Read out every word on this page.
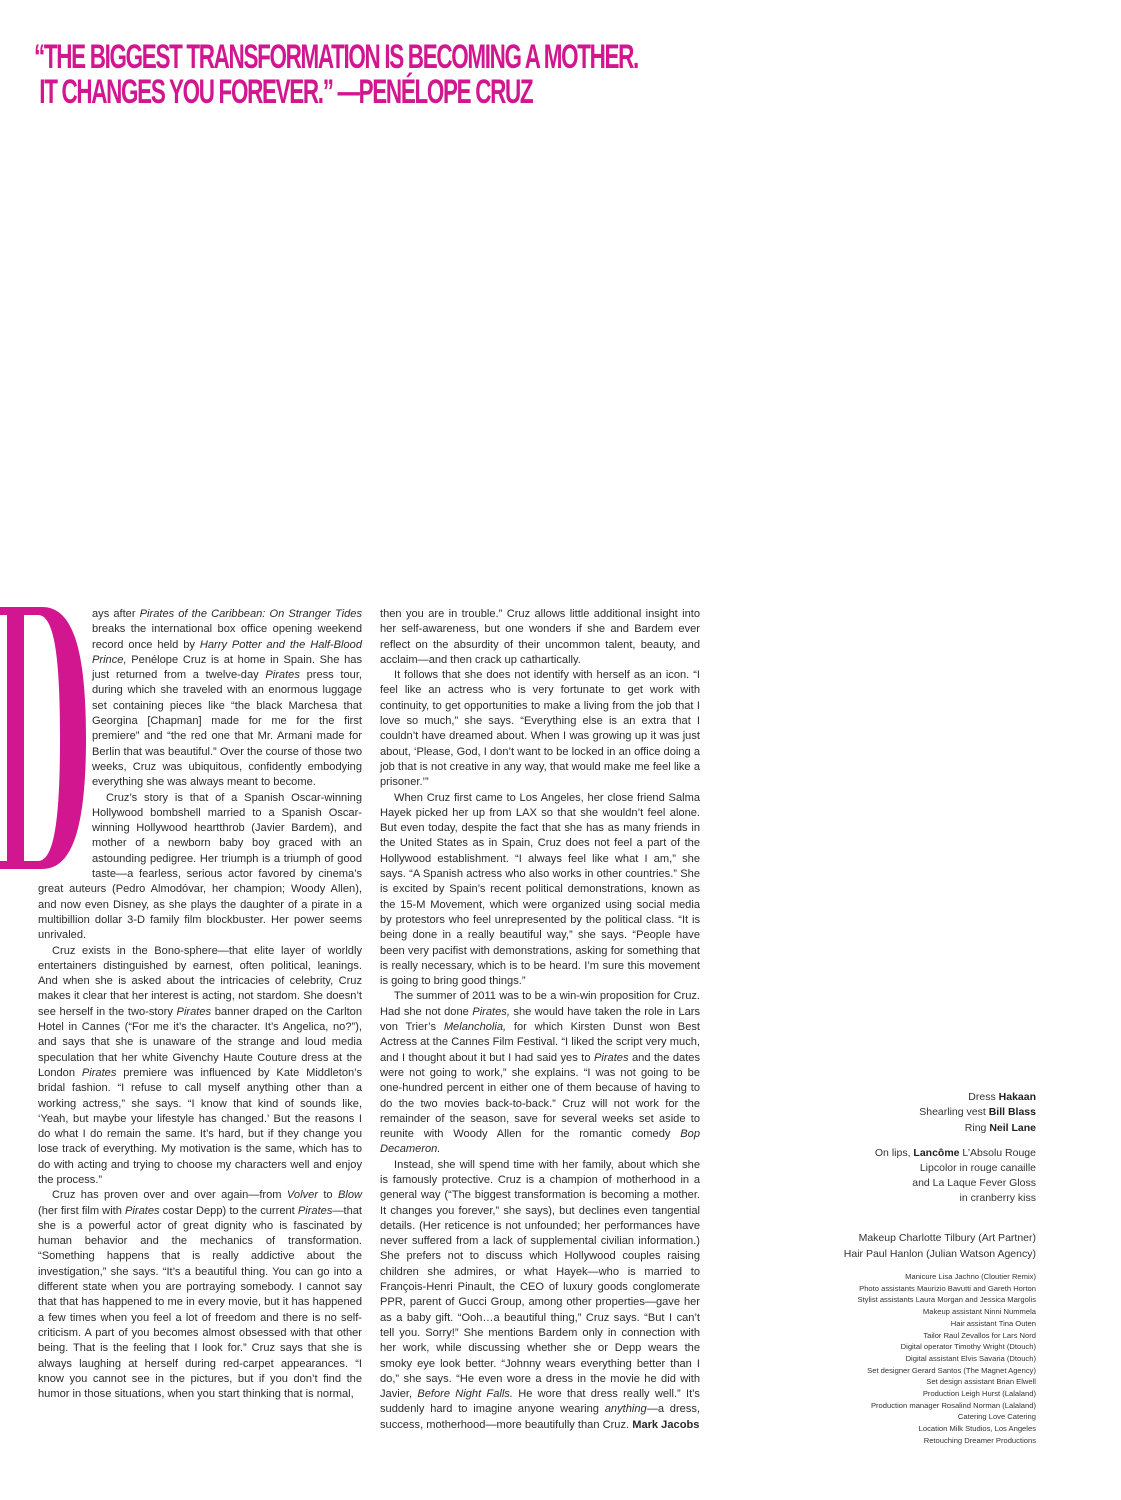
“THE BIGGEST TRANSFORMATION IS BECOMING A MOTHER.
IT CHANGES YOU FOREVER.” —PENÉLOPE CRUZ

ays after Pirates of the Caribbean: On Stranger Tides breaks the international box office opening weekend record once held by Harry Potter and the Half-Blood Prince, Penélope Cruz is at home in Spain. She has just returned from a twelve-day Pirates press tour, during which she traveled with an enormous luggage set containing pieces like “the black Marchesa that Georgina [Chapman] made for me for the first premiere” and “the red one that Mr. Armani made for Berlin that was beautiful.” Over the course of those two weeks, Cruz was ubiquitous, confidently embodying everything she was always meant to become.

Cruz’s story is that of a Spanish Oscar-winning Hollywood bombshell married to a Spanish Oscar-winning Hollywood heartthrob (Javier Bardem), and mother of a newborn baby boy graced with an astounding pedigree. Her triumph is a triumph of good taste—a fearless, serious actor favored by cinema’s great auteurs (Pedro Almodóvar, her champion; Woody Allen), and now even Disney, as she plays the daughter of a pirate in a multibillion dollar 3-D family film blockbuster. Her power seems unrivaled.

Cruz exists in the Bono-sphere—that elite layer of worldly entertainers distinguished by earnest, often political, leanings. And when she is asked about the intricacies of celebrity, Cruz makes it clear that her interest is acting, not stardom. She doesn’t see herself in the two-story Pirates banner draped on the Carlton Hotel in Cannes (“For me it’s the character. It’s Angelica, no?”), and says that she is unaware of the strange and loud media speculation that her white Givenchy Haute Couture dress at the London Pirates premiere was influenced by Kate Middleton’s bridal fashion. “I refuse to call myself anything other than a working actress,” she says. “I know that kind of sounds like, ‘Yeah, but maybe your lifestyle has changed.’ But the reasons I do what I do remain the same. It’s hard, but if they change you lose track of everything. My motivation is the same, which has to do with acting and trying to choose my characters well and enjoy the process.”

Cruz has proven over and over again—from Volver to Blow (her first film with Pirates costar Depp) to the current Pirates—that she is a powerful actor of great dignity who is fascinated by human behavior and the mechanics of transformation. “Something happens that is really addictive about the investigation,” she says. “It’s a beautiful thing. You can go into a different state when you are portraying somebody. I cannot say that that has happened to me in every movie, but it has happened a few times when you feel a lot of freedom and there is no self-criticism. A part of you becomes almost obsessed with that other being. That is the feeling that I look for.” Cruz says that she is always laughing at herself during red-carpet appearances. “I know you cannot see in the pictures, but if you don’t find the humor in those situations, when you start thinking that is normal,

then you are in trouble.” Cruz allows little additional insight into her self-awareness, but one wonders if she and Bardem ever reflect on the absurdity of their uncommon talent, beauty, and acclaim—and then crack up cathartically.

It follows that she does not identify with herself as an icon. “I feel like an actress who is very fortunate to get work with continuity, to get opportunities to make a living from the job that I love so much,” she says. “Everything else is an extra that I couldn’t have dreamed about. When I was growing up it was just about, ‘Please, God, I don’t want to be locked in an office doing a job that is not creative in any way, that would make me feel like a prisoner.’”

When Cruz first came to Los Angeles, her close friend Salma Hayek picked her up from LAX so that she wouldn’t feel alone. But even today, despite the fact that she has as many friends in the United States as in Spain, Cruz does not feel a part of the Hollywood establishment. “I always feel like what I am,” she says. “A Spanish actress who also works in other countries.” She is excited by Spain’s recent political demonstrations, known as the 15-M Movement, which were organized using social media by protestors who feel unrepresented by the political class. “It is being done in a really beautiful way,” she says. “People have been very pacifist with demonstrations, asking for something that is really necessary, which is to be heard. I’m sure this movement is going to bring good things.”

The summer of 2011 was to be a win-win proposition for Cruz. Had she not done Pirates, she would have taken the role in Lars von Trier’s Melancholia, for which Kirsten Dunst won Best Actress at the Cannes Film Festival. “I liked the script very much, and I thought about it but I had said yes to Pirates and the dates were not going to work,” she explains. “I was not going to be one-hundred percent in either one of them because of having to do the two movies back-to-back.” Cruz will not work for the remainder of the season, save for several weeks set aside to reunite with Woody Allen for the romantic comedy Bop Decameron.

Instead, she will spend time with her family, about which she is famously protective. Cruz is a champion of motherhood in a general way (“The biggest transformation is becoming a mother. It changes you forever,” she says), but declines even tangential details. (Her reticence is not unfounded; her performances have never suffered from a lack of supplemental civilian information.) She prefers not to discuss which Hollywood couples raising children she admires, or what Hayek—who is married to François-Henri Pinault, the CEO of luxury goods conglomerate PPR, parent of Gucci Group, among other properties—gave her as a baby gift. “Ooh…a beautiful thing,” Cruz says. “But I can’t tell you. Sorry!” She mentions Bardem only in connection with her work, while discussing whether she or Depp wears the smoky eye look better. “Johnny wears everything better than I do,” she says. “He even wore a dress in the movie he did with Javier, Before Night Falls. He wore that dress really well.” It’s suddenly hard to imagine anyone wearing anything—a dress, success, motherhood—more beautifully than Cruz. Mark Jacobs

Dress Hakaan
Shearling vest Bill Blass
Ring Neil Lane
On lips, Lancôme L’Absolu Rouge
Lipcolor in rouge canaille
and La Laque Fever Gloss
in cranberry kiss
Makeup Charlotte Tilbury (Art Partner)
Hair Paul Hanlon (Julian Watson Agency)
Manicure Lisa Jachno (Cloutier Remix)
Photo assistants Maurizio Bavutti and Gareth Horton
Stylist assistants Laura Morgan and Jessica Margolis
Makeup assistant Ninni Nummela
Hair assistant Tina Outen
Tailor Raul Zevallos for Lars Nord
Digital operator Timothy Wright (Dtouch)
Digital assistant Elvis Savaria (Dtouch)
Set designer Gerard Santos (The Magnet Agency)
Set design assistant Brian Elwell
Production Leigh Hurst (Lalaland)
Production manager Rosalind Norman (Lalaland)
Catering Love Catering
Location Milk Studios, Los Angeles
Retouching Dreamer Productions
